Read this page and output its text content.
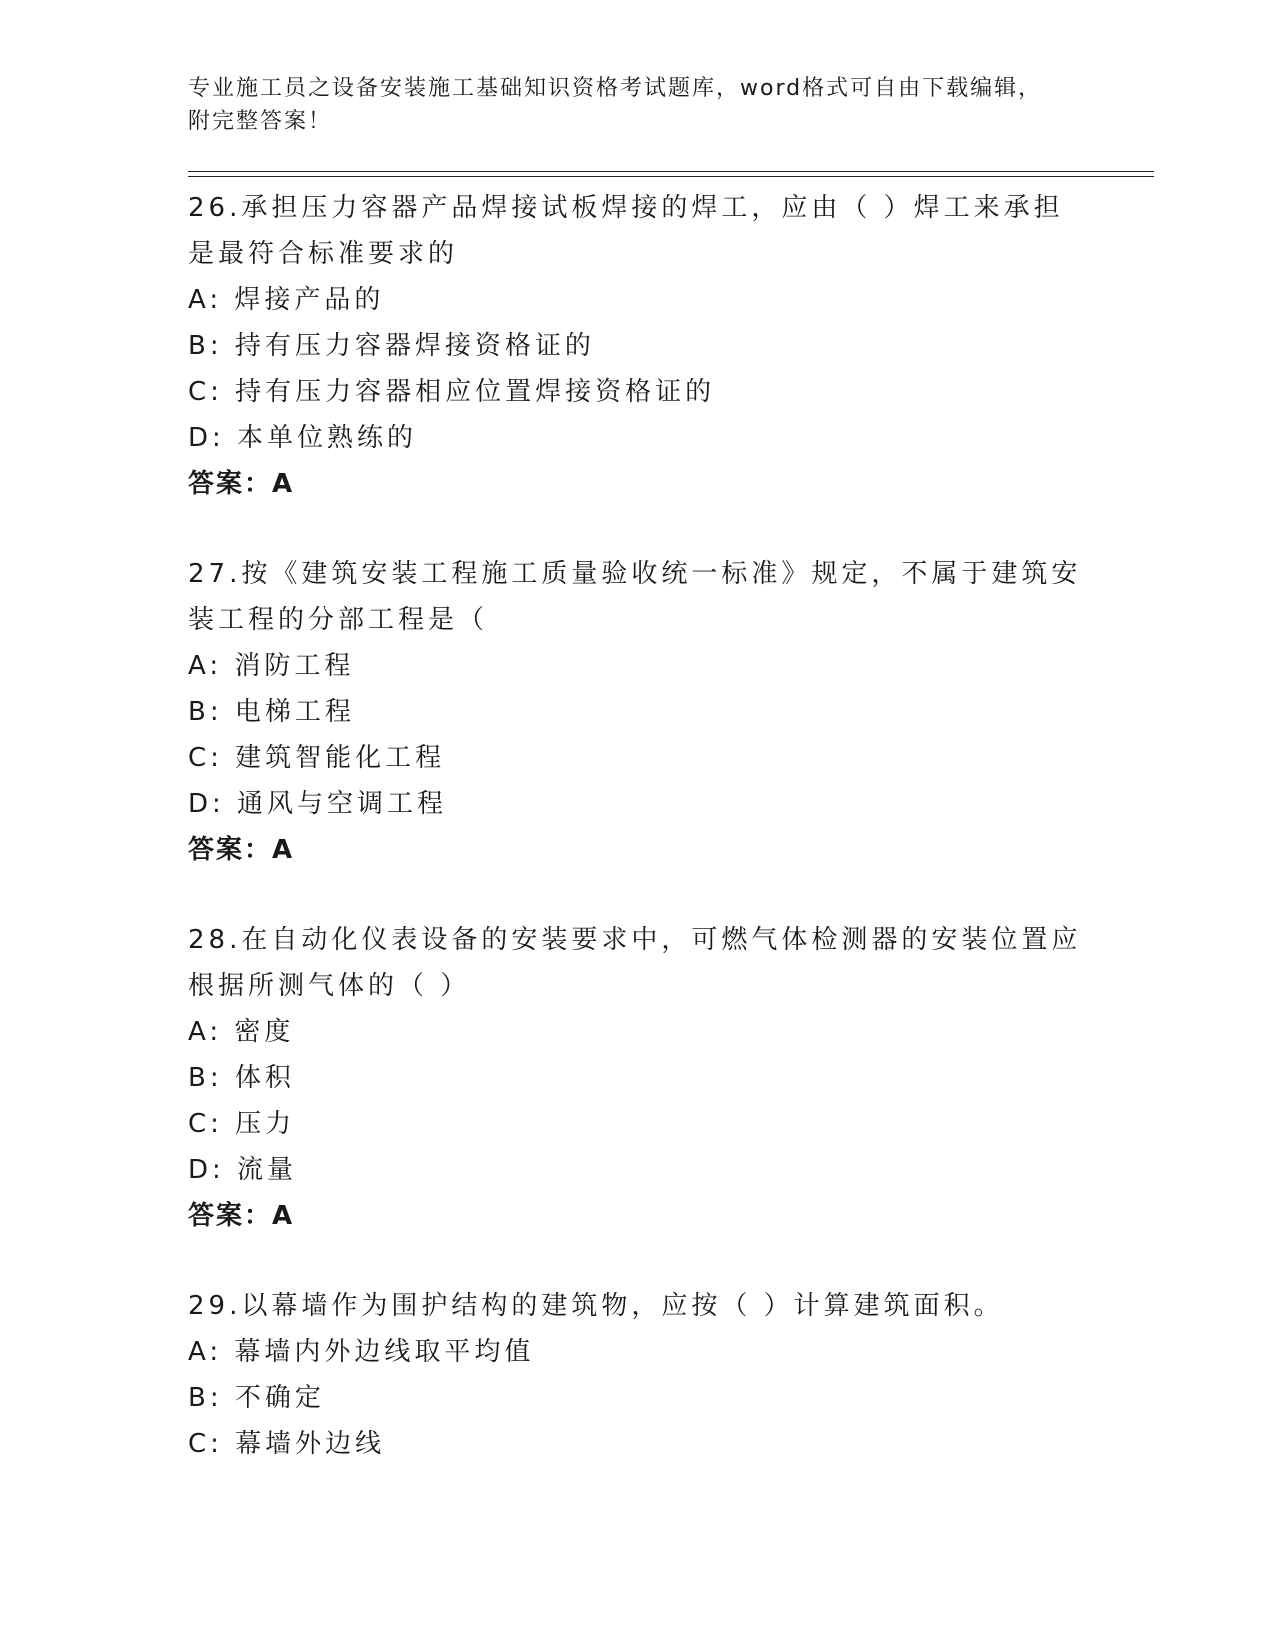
专业施工员之设备安装施工基础知识资格考试题库，word格式可自由下载编辑，
附完整答案！

26.承担压力容器产品焊接试板焊接的焊工，应由（ ）焊工来承担是最符合标准要求的

A: 焊接产品的

B: 持有压力容器焊接资格证的

C: 持有压力容器相应位置焊接资格证的

D: 本单位熟练的

答案：A

27.按《建筑安装工程施工质量验收统一标准》规定，不属于建筑安装工程的分部工程是（

A: 消防工程

B: 电梯工程

C: 建筑智能化工程

D: 通风与空调工程

答案：A

28.在自动化仪表设备的安装要求中，可燃气体检测器的安装位置应根据所测气体的（ ）

A: 密度

B: 体积

C: 压力

D: 流量

答案：A

29.以幕墙作为围护结构的建筑物，应按（ ）计算建筑面积。

A: 幕墙内外边线取平均值

B: 不确定

C: 幕墙外边线
